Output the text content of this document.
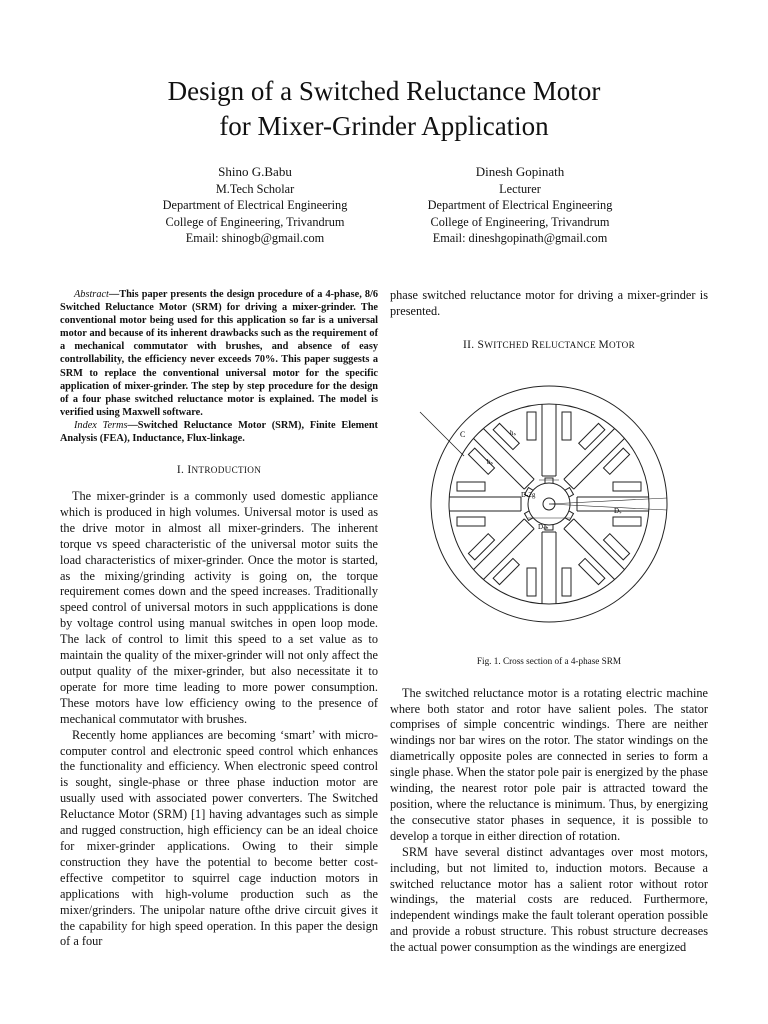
Design of a Switched Reluctance Motor
for Mixer-Grinder Application
Shino G.Babu
M.Tech Scholar
Department of Electrical Engineering
College of Engineering, Trivandrum
Email: shinogb@gmail.com
Dinesh Gopinath
Lecturer
Department of Electrical Engineering
College of Engineering, Trivandrum
Email: dineshgopinath@gmail.com

Abstract—This paper presents the design procedure of a 4-phase, 8/6 Switched Reluctance Motor (SRM) for driving a mixer-grinder. The conventional motor being used for this application so far is a universal motor and because of its inherent drawbacks such as the requirement of a mechanical commutator with brushes, and absence of easy controllability, the efficiency never exceeds 70%. This paper suggests a SRM to replace the conventional universal motor for the specific application of mixer-grinder. The step by step procedure for the design of a four phase switched reluctance motor is explained. The model is verified using Maxwell software.

Index Terms—Switched Reluctance Motor (SRM), Finite Element Analysis (FEA), Inductance, Flux-linkage.

I. INTRODUCTION

The mixer-grinder is a commonly used domestic appliance which is produced in high volumes. Universal motor is used as the drive motor in almost all mixer-grinders. The inherent torque vs speed characteristic of the universal motor suits the load characteristics of mixer-grinder. Once the motor is started, as the mixing/grinding activity is going on, the torque requirement comes down and the speed increases. Traditionally speed control of universal motors in such appplications is done by voltage control using manual switches in open loop mode. The lack of control to limit this speed to a set value as to maintain the quality of the mixer-grinder will not only affect the output quality of the mixer-grinder, but also necessitate it to operate for more time leading to more power consumption. These motors have low efficiency owing to the presence of mechanical commutator with brushes.

Recently home appliances are becoming ‘smart’ with micro-computer control and electronic speed control which enhances the functionality and efficiency. When electronic speed control is sought, single-phase or three phase induction motor are usually used with associated power converters. The Switched Reluctance Motor (SRM) [1] having advantages such as simple and rugged construction, high efficiency can be an ideal choice for mixer-grinder applications. Owing to their simple construction they have the potential to become better cost-effective competitor to squirrel cage induction motors in applications with high-volume production such as the mixer/grinders. The unipolar nature ofthe drive circuit gives it the capability for high speed operation. In this paper the design of a four

phase switched reluctance motor for driving a mixer-grinder is presented.

II. SWITCHED RELUCTANCE MOTOR
C	hₛ
bₛ
D-2g
Dₛ
Dₛₕ
Fig. 1. Cross section of a 4-phase SRM

The switched reluctance motor is a rotating electric machine where both stator and rotor have salient poles. The stator comprises of simple concentric windings. There are neither windings nor bar wires on the rotor. The stator windings on the diametrically opposite poles are connected in series to form a single phase. When the stator pole pair is energized by the phase winding, the nearest rotor pole pair is attracted toward the position, where the reluctance is minimum. Thus, by energizing the consecutive stator phases in sequence, it is possible to develop a torque in either direction of rotation.

SRM have several distinct advantages over most motors, including, but not limited to, induction motors. Because a switched reluctance motor has a salient rotor without rotor windings, the material costs are reduced. Furthermore, independent windings make the fault tolerant operation possible and provide a robust structure. This robust structure decreases the actual power consumption as the windings are energized
